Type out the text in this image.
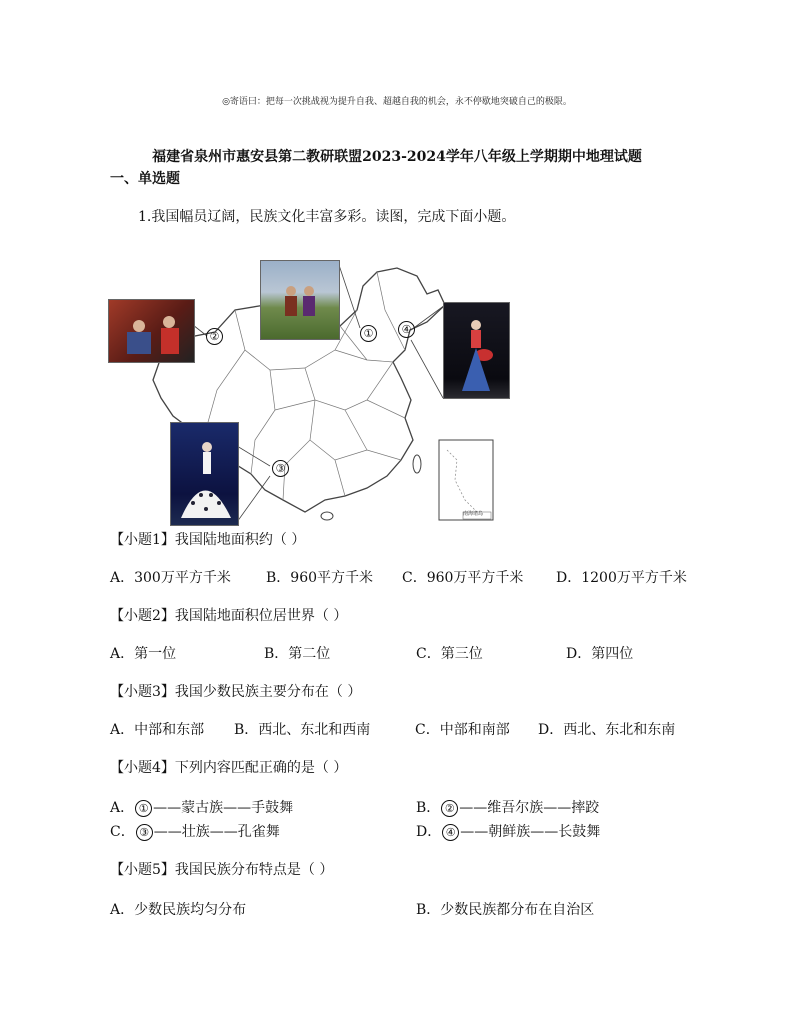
◎寄语曰：把每一次挑战视为提升自我、超越自我的机会，永不停歇地突破自己的极限。
福建省泉州市惠安县第二教研联盟2023-2024学年八年级上学期期中地理试题
一、单选题
1.我国幅员辽阔，民族文化丰富多彩。读图，完成下面小题。
①
②
③
④
南海诸岛
【小题1】我国陆地面积约（ ）
A．300万平方千米	B．960平方千米 C．960万平方千米 D．1200万平方千米
【小题2】我国陆地面积位居世界（ ）
A．第一位	B．第二位	C．第三位	D．第四位
【小题3】我国少数民族主要分布在（ ）
A．中部和东部 B．西北、东北和西南	C．中部和南部 D．西北、东北和东南
【小题4】下列内容匹配正确的是（ ）
A． ① ——蒙古族——手鼓舞	B． ② ——维吾尔族——摔跤
C． ③ ——壮族——孔雀舞	D． ④ ——朝鲜族——长鼓舞
【小题5】我国民族分布特点是（ ）
A．少数民族均匀分布	B．少数民族都分布在自治区
